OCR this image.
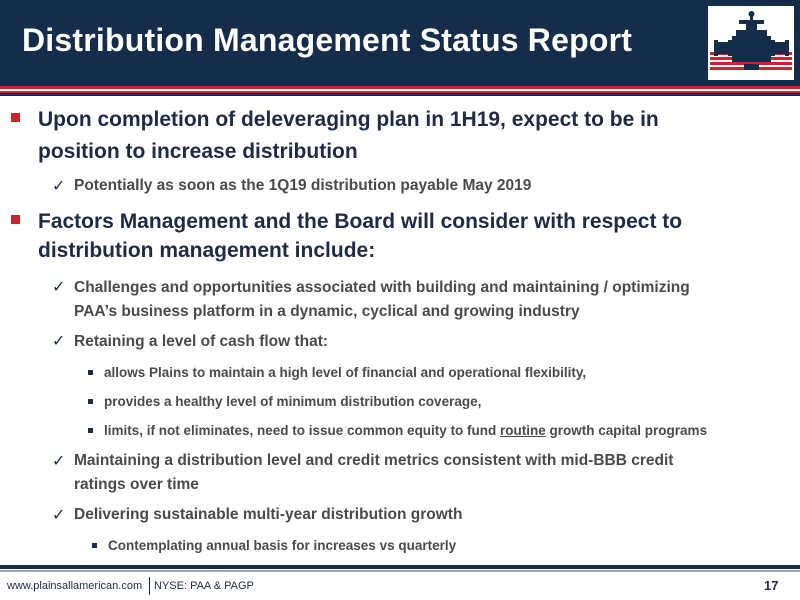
Distribution Management Status Report
Upon completion of deleveraging plan in 1H19, expect to be in
position to increase distribution
✓ Potentially as soon as the 1Q19 distribution payable May 2019
Factors Management and the Board will consider with respect to
distribution management include:
✓ Challenges and opportunities associated with building and maintaining / optimizing
PAA’s business platform in a dynamic, cyclical and growing industry
✓ Retaining a level of cash flow that:
allows Plains to maintain a high level of financial and operational flexibility,
provides a healthy level of minimum distribution coverage,
limits, if not eliminates, need to issue common equity to fund routine growth capital programs
✓ Maintaining a distribution level and credit metrics consistent with mid-BBB credit
ratings over time
✓ Delivering sustainable multi-year distribution growth
Contemplating annual basis for increases vs quarterly
www.plainsallamerican.com NYSE: PAA & PAGP	17
